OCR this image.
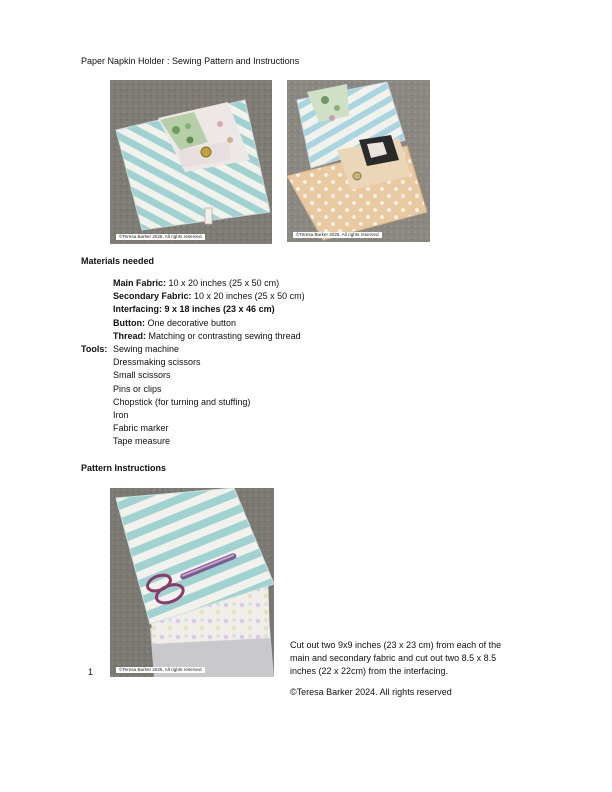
Paper Napkin Holder : Sewing Pattern and Instructions
©Teresa Barker 2025. All rights reserved	©Teresa Barker 2025. All rights reserved
Materials needed
Main Fabric: 10 x 20 inches (25 x 50 cm)
Secondary Fabric: 10 x 20 inches (25 x 50 cm)
Interfacing: 9 x 18 inches (23 x 46 cm)
Button: One decorative button
Thread: Matching or contrasting sewing thread
Tools: Sewing machine
Dressmaking scissors
Small scissors
Pins or clips
Chopstick (for turning and stuffing)
Iron
Fabric marker
Tape measure
Pattern Instructions
©Teresa Barker 2025. All rights reserved
1
Cut out two 9x9 inches (23 x 23 cm) from each of the
main and secondary fabric and cut out two 8.5 x 8.5
inches (22 x 22cm) from the interfacing.
©Teresa Barker 2024. All rights reserved
